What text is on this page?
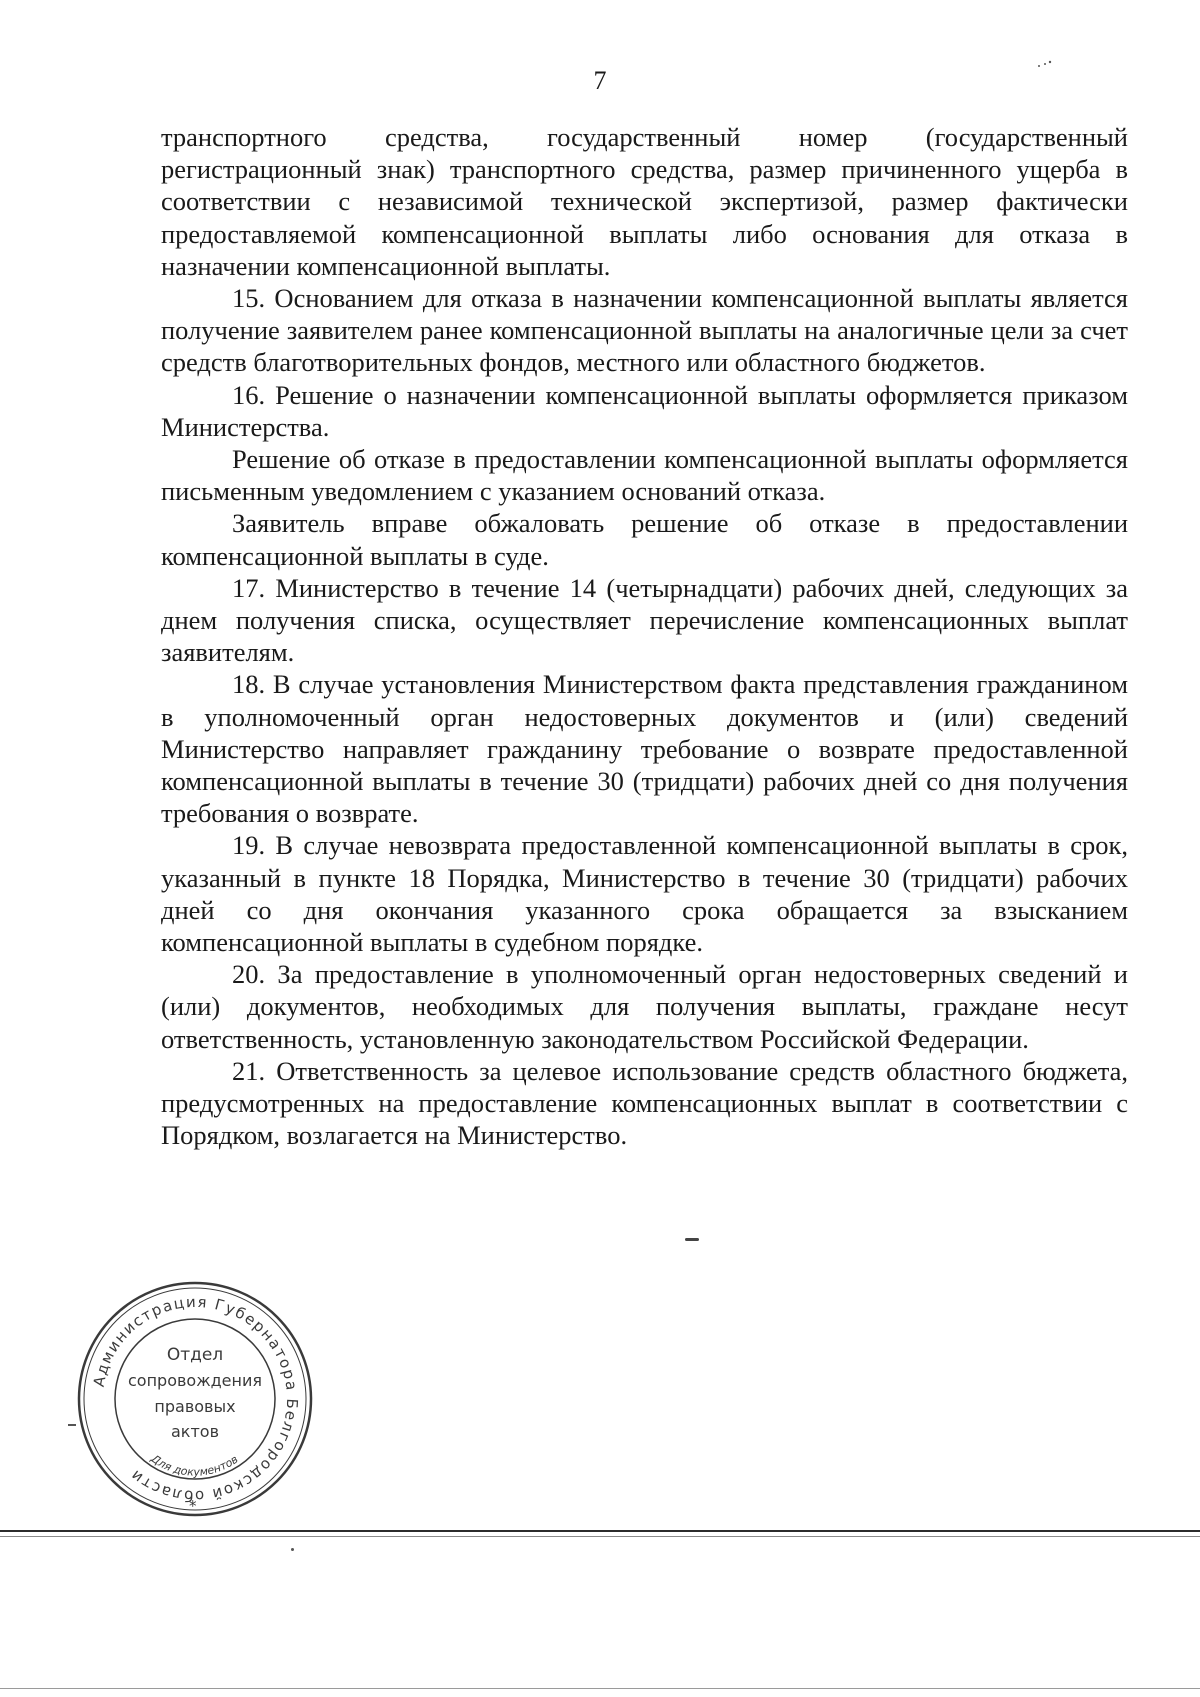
7

транспортного средства, государственный номер (государственный регистрационный знак) транспортного средства, размер причиненного ущерба в соответствии с независимой технической экспертизой, размер фактически предоставляемой компенсационной выплаты либо основания для отказа в назначении компенсационной выплаты.

15. Основанием для отказа в назначении компенсационной выплаты является получение заявителем ранее компенсационной выплаты на аналогичные цели за счет средств благотворительных фондов, местного или областного бюджетов.

16. Решение о назначении компенсационной выплаты оформляется приказом Министерства.

Решение об отказе в предоставлении компенсационной выплаты оформляется письменным уведомлением с указанием оснований отказа.

Заявитель вправе обжаловать решение об отказе в предоставлении компенсационной выплаты в суде.

17. Министерство в течение 14 (четырнадцати) рабочих дней, следующих за днем получения списка, осуществляет перечисление компенсационных выплат заявителям.

18. В случае установления Министерством факта представления гражданином в уполномоченный орган недостоверных документов и (или) сведений Министерство направляет гражданину требование о возврате предоставленной компенсационной выплаты в течение 30 (тридцати) рабочих дней со дня получения требования о возврате.

19. В случае невозврата предоставленной компенсационной выплаты в срок, указанный в пункте 18 Порядка, Министерство в течение 30 (тридцати) рабочих дней со дня окончания указанного срока обращается за взысканием компенсационной выплаты в судебном порядке.

20. За предоставление в уполномоченный орган недостоверных сведений и (или) документов, необходимых для получения выплаты, граждане несут ответственность, установленную законодательством Российской Федерации.

21. Ответственность за целевое использование средств областного бюджета, предусмотренных на предоставление компенсационных выплат в соответствии с Порядком, возлагается на Министерство.

Администрация Губернатора Белгородской области
Для документов
*
Отдел
сопровождения
правовых
актов
